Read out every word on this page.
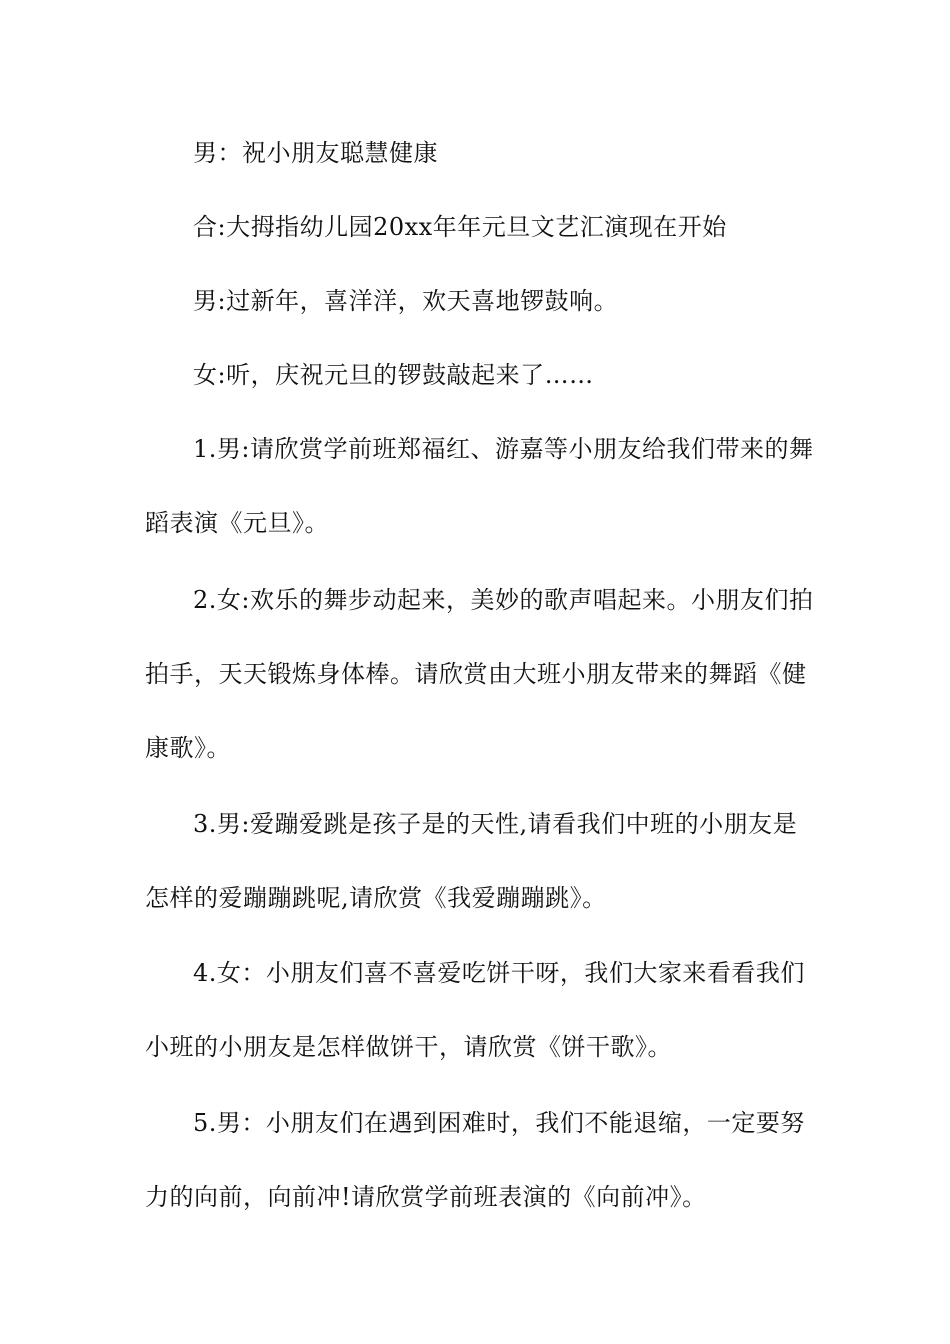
男：祝小朋友聪慧健康
合:大拇指幼儿园20xx年年元旦文艺汇演现在开始
男:过新年，喜洋洋，欢天喜地锣鼓响。
女:听，庆祝元旦的锣鼓敲起来了……
1.男:请欣赏学前班郑福红、游嘉等小朋友给我们带来的舞
蹈表演《元旦》。
2.女:欢乐的舞步动起来，美妙的歌声唱起来。小朋友们拍
拍手，天天锻炼身体棒。请欣赏由大班小朋友带来的舞蹈《健
康歌》。
3.男:爱蹦爱跳是孩子是的天性,请看我们中班的小朋友是
怎样的爱蹦蹦跳呢,请欣赏《我爱蹦蹦跳》。
4.女：小朋友们喜不喜爱吃饼干呀，我们大家来看看我们
小班的小朋友是怎样做饼干，请欣赏《饼干歌》。
5.男：小朋友们在遇到困难时，我们不能退缩，一定要努
力的向前，向前冲!请欣赏学前班表演的《向前冲》。
